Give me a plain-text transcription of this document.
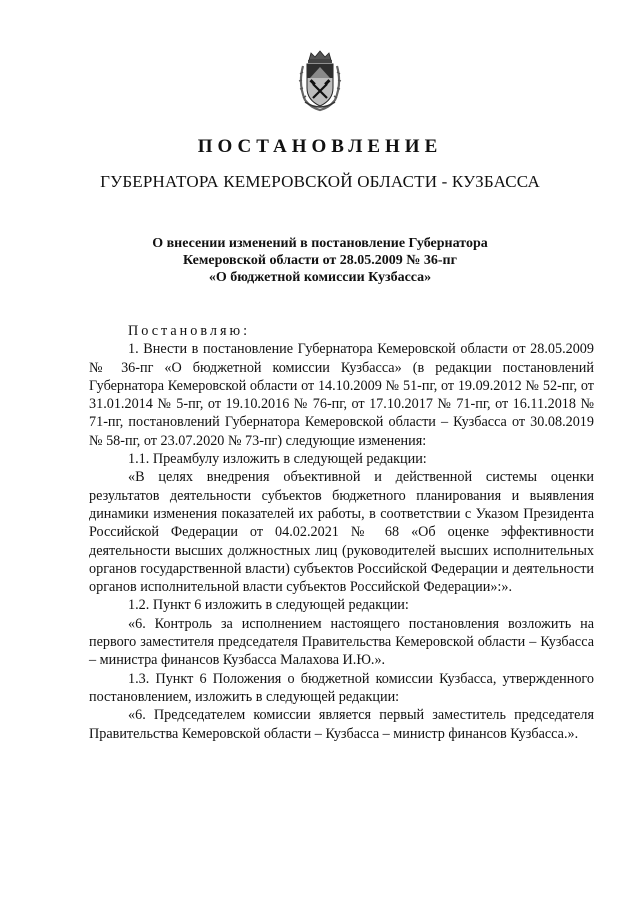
ПОСТАНОВЛЕНИЕ
ГУБЕРНАТОРА КЕМЕРОВСКОЙ ОБЛАСТИ - КУЗБАССА
О внесении изменений в постановление Губернатора
Кемеровской области от 28.05.2009 № 36-пг
«О бюджетной комиссии Кузбасса»

Постановляю:

1. Внести в постановление Губернатора Кемеровской области от 28.05.2009 № 36-пг «О бюджетной комиссии Кузбасса» (в редакции постановлений Губернатора Кемеровской области от 14.10.2009 № 51-пг, от 19.09.2012 № 52-пг, от 31.01.2014 № 5-пг, от 19.10.2016 № 76-пг, от 17.10.2017 № 71-пг, от 16.11.2018 № 71-пг, постановлений Губернатора Кемеровской области – Кузбасса от 30.08.2019 № 58-пг, от 23.07.2020 № 73-пг) следующие изменения:

1.1. Преамбулу изложить в следующей редакции:

«В целях внедрения объективной и действенной системы оценки результатов деятельности субъектов бюджетного планирования и выявления динамики изменения показателей их работы, в соответствии с Указом Президента Российской Федерации от 04.02.2021 № 68 «Об оценке эффективности деятельности высших должностных лиц (руководителей высших исполнительных органов государственной власти) субъектов Российской Федерации и деятельности органов исполнительной власти субъектов Российской Федерации»:».

1.2. Пункт 6 изложить в следующей редакции:

«6. Контроль за исполнением настоящего постановления возложить на первого заместителя председателя Правительства Кемеровской области – Кузбасса – министра финансов Кузбасса Малахова И.Ю.».

1.3. Пункт 6 Положения о бюджетной комиссии Кузбасса, утвержденного постановлением, изложить в следующей редакции:

«6. Председателем комиссии является первый заместитель председателя Правительства Кемеровской области – Кузбасса – министр финансов Кузбасса.».
